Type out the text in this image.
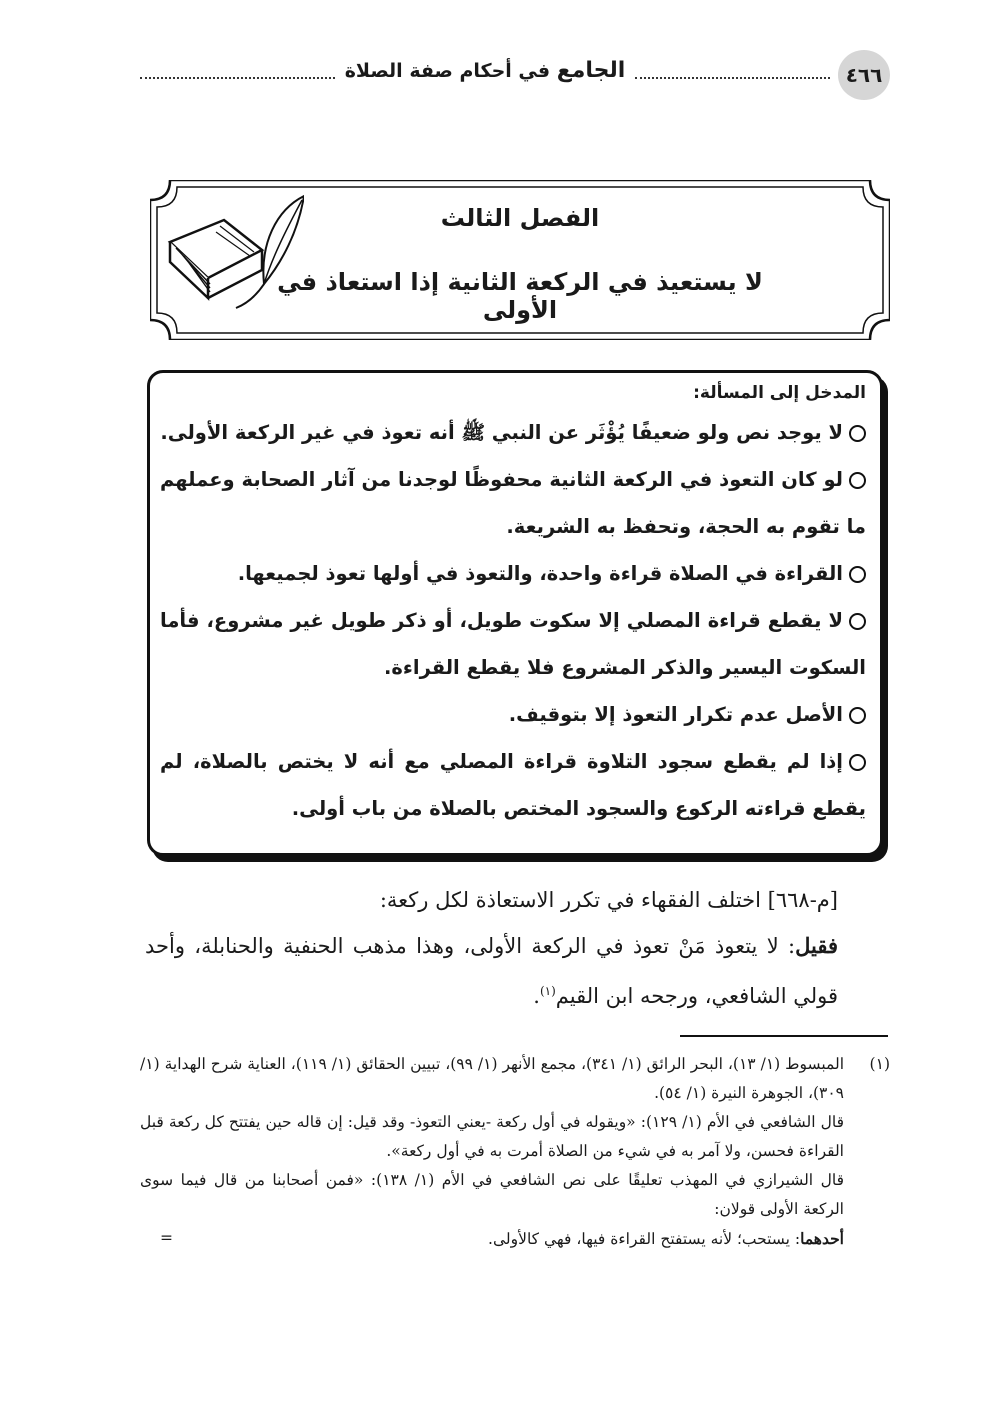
٤٦٦
الجامع في أحكام صفة الصلاة
الفصل الثالث
لا يستعيذ في الركعة الثانية إذا استعاذ في الأولى
المدخل إلى المسألة:
لا يوجد نص ولو ضعيفًا يُؤْثَر عن النبي ﷺ أنه تعوذ في غير الركعة الأولى.
لو كان التعوذ في الركعة الثانية محفوظًا لوجدنا من آثار الصحابة وعملهم ما تقوم به الحجة، وتحفظ به الشريعة.
القراءة في الصلاة قراءة واحدة، والتعوذ في أولها تعوذ لجميعها.
لا يقطع قراءة المصلي إلا سكوت طويل، أو ذكر طويل غير مشروع، فأما السكوت اليسير والذكر المشروع فلا يقطع القراءة.
الأصل عدم تكرار التعوذ إلا بتوقيف.
إذا لم يقطع سجود التلاوة قراءة المصلي مع أنه لا يختص بالصلاة، لم يقطع قراءته الركوع والسجود المختص بالصلاة من باب أولى.

[م-٦٦٨] اختلف الفقهاء في تكرر الاستعاذة لكل ركعة:

فقيل: لا يتعوذ مَنْ تعوذ في الركعة الأولى، وهذا مذهب الحنفية والحنابلة، وأحد قولي الشافعي، ورجحه ابن القيم$^{(١)}$.

(١)
المبسوط (١/ ١٣)، البحر الرائق (١/ ٣٤١)، مجمع الأنهر (١/ ٩٩)، تبيين الحقائق (١/ ١١٩)، العناية شرح الهداية (١/ ٣٠٩)، الجوهرة النيرة (١/ ٥٤).
قال الشافعي في الأم (١/ ١٢٩): «ويقوله في أول ركعة -يعني التعوذ- وقد قيل: إن قاله حين يفتتح كل ركعة قبل القراءة فحسن، ولا آمر به في شيء من الصلاة أمرت به في أول ركعة».
قال الشيرازي في المهذب تعليقًا على نص الشافعي في الأم (١/ ١٣٨): «فمن أصحابنا من قال فيما سوى الركعة الأولى قولان:
أحدهما: يستحب؛ لأنه يستفتح القراءة فيها، فهي كالأولى.
=
